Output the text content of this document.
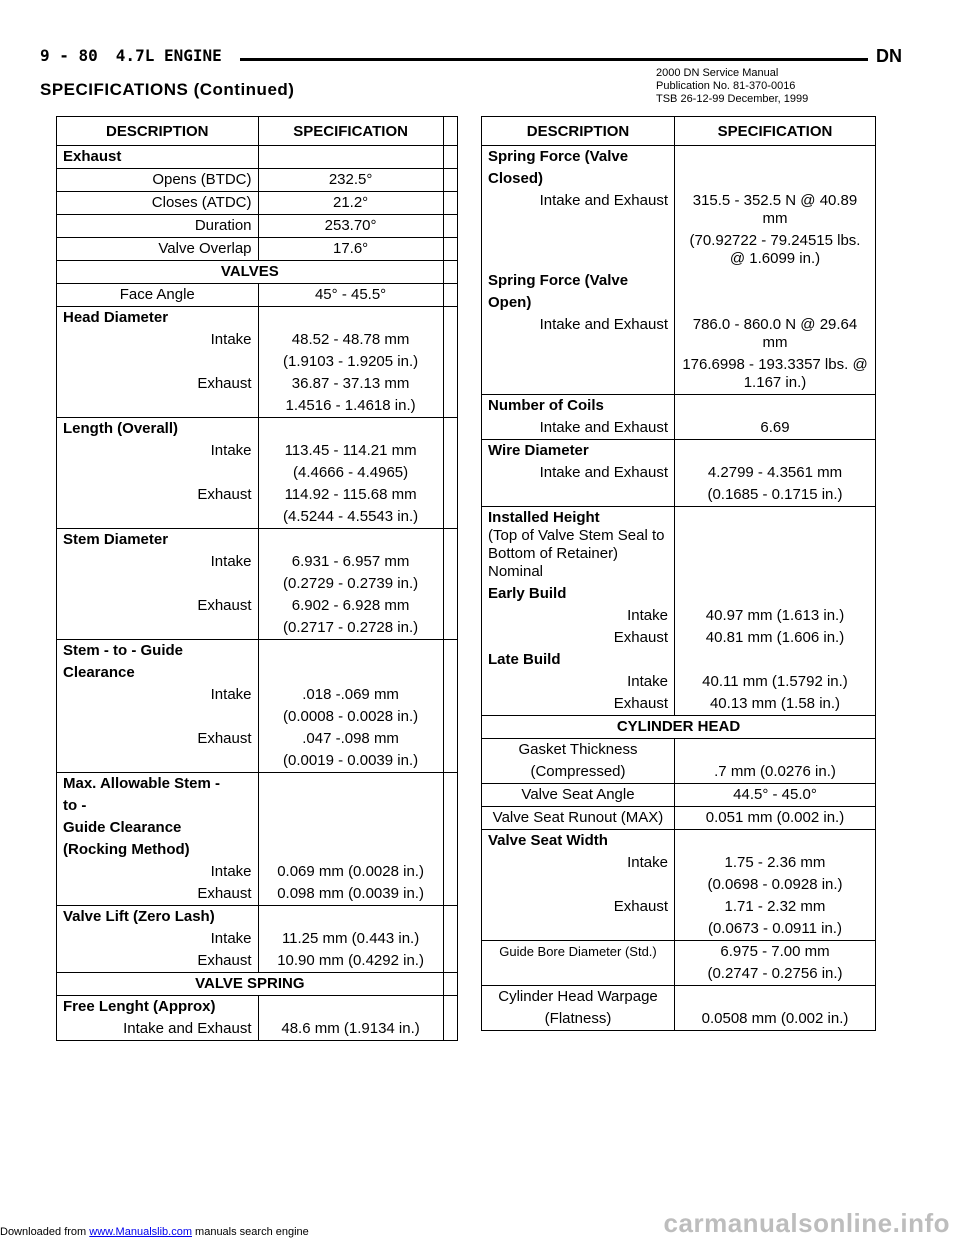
9 - 80 4.7L ENGINE	DN
2000 DN Service Manual
Publication No. 81-370-0016
TSB 26-12-99 December, 1999
SPECIFICATIONS (Continued)
DESCRIPTION	SPECIFICATION	
Exhaust		
Opens (BTDC)	232.5°	
Closes (ATDC)	21.2°	
Duration	253.70°	
Valve Overlap	17.6°	
VALVES		
Face Angle	45° - 45.5°	
Head Diameter		
Intake	48.52 - 48.78 mm	
	(1.9103 - 1.9205 in.)	
Exhaust	36.87 - 37.13 mm	
	1.4516 - 1.4618 in.)	
Length (Overall)		
Intake	113.45 - 114.21 mm	
	(4.4666 - 4.4965)	
Exhaust	114.92 - 115.68 mm	
	(4.5244 - 4.5543 in.)	
Stem Diameter		
Intake	6.931 - 6.957 mm	
	(0.2729 - 0.2739 in.)	
Exhaust	6.902 - 6.928 mm	
	(0.2717 - 0.2728 in.)	
Stem - to - Guide		
Clearance		
Intake	.018 -.069 mm	
	(0.0008 - 0.0028 in.)	
Exhaust	.047 -.098 mm	
	(0.0019 - 0.0039 in.)	
Max. Allowable Stem -		
to -		
Guide Clearance		
(Rocking Method)		
Intake	0.069 mm (0.0028 in.)	
Exhaust	0.098 mm (0.0039 in.)	
Valve Lift (Zero Lash)		
Intake	11.25 mm (0.443 in.)	
Exhaust	10.90 mm (0.4292 in.)	
VALVE SPRING		
Free Lenght (Approx)		
Intake and Exhaust	48.6 mm (1.9134 in.)	
DESCRIPTION	SPECIFICATION
Spring Force (Valve	
Closed)	
Intake and Exhaust	315.5 - 352.5 N @ 40.89 mm
	(70.92722 - 79.24515 lbs. @ 1.6099 in.)
Spring Force (Valve	
Open)	
Intake and Exhaust	786.0 - 860.0 N @ 29.64 mm
	176.6998 - 193.3357 lbs. @ 1.167 in.)
Number of Coils	
Intake and Exhaust	6.69
Wire Diameter	
Intake and Exhaust	4.2799 - 4.3561 mm
	(0.1685 - 0.1715 in.)
Installed Height
(Top of Valve Stem Seal to Bottom of Retainer) Nominal	

Early Build	
Intake	40.97 mm (1.613 in.)
Exhaust	40.81 mm (1.606 in.)
Late Build	
Intake	40.11 mm (1.5792 in.)
Exhaust	40.13 mm (1.58 in.)
CYLINDER HEAD	
Gasket Thickness	
(Compressed)	.7 mm (0.0276 in.)
Valve Seat Angle	44.5° - 45.0°
Valve Seat Runout (MAX)	0.051 mm (0.002 in.)
Valve Seat Width	
Intake	1.75 - 2.36 mm
	(0.0698 - 0.0928 in.)
Exhaust	1.71 - 2.32 mm
	(0.0673 - 0.0911 in.)
Guide Bore Diameter (Std.)	6.975 - 7.00 mm
	(0.2747 - 0.2756 in.)
Cylinder Head Warpage	
(Flatness)	0.0508 mm (0.002 in.)
Downloaded from www.Manualslib.com manuals search engine	carmanualsonline.info
